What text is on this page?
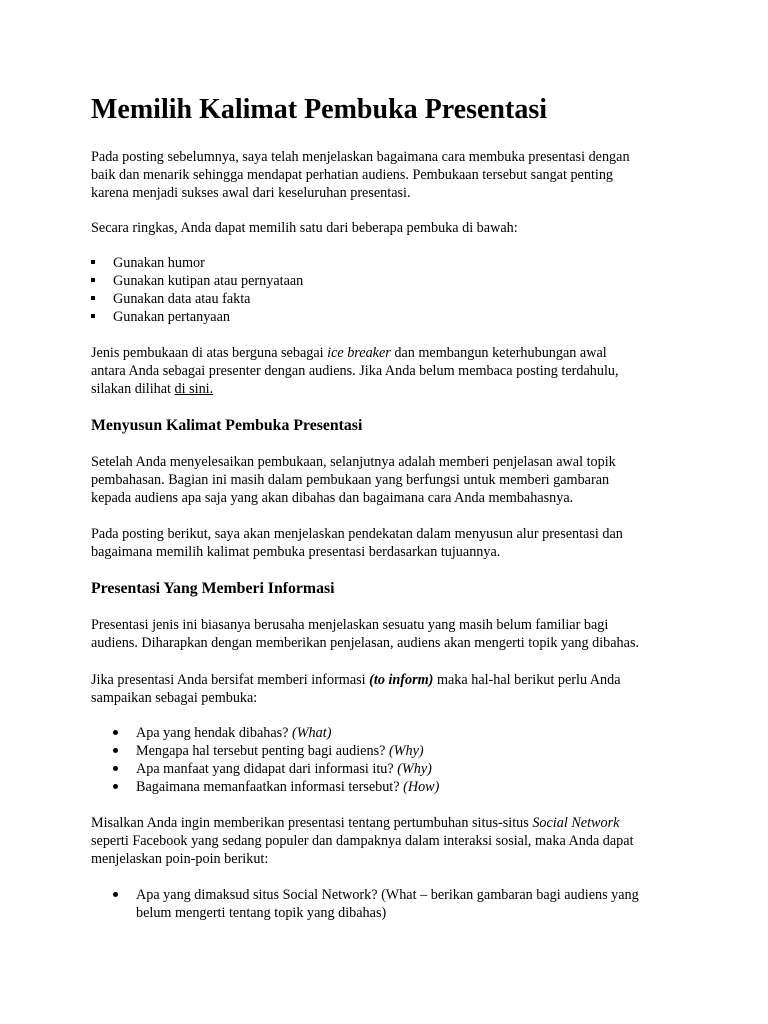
Memilih Kalimat Pembuka Presentasi

Pada posting sebelumnya, saya telah menjelaskan bagaimana cara membuka presentasi dengan
baik dan menarik sehingga mendapat perhatian audiens. Pembukaan tersebut sangat penting
karena menjadi sukses awal dari keseluruhan presentasi.

Secara ringkas, Anda dapat memilih satu dari beberapa pembuka di bawah:

Gunakan humor
Gunakan kutipan atau pernyataan
Gunakan data atau fakta
Gunakan pertanyaan

Jenis pembukaan di atas berguna sebagai ice breaker dan membangun keterhubungan awal
antara Anda sebagai presenter dengan audiens. Jika Anda belum membaca posting terdahulu,
silakan dilihat di sini.

Menyusun Kalimat Pembuka Presentasi

Setelah Anda menyelesaikan pembukaan, selanjutnya adalah memberi penjelasan awal topik
pembahasan. Bagian ini masih dalam pembukaan yang berfungsi untuk memberi gambaran
kepada audiens apa saja yang akan dibahas dan bagaimana cara Anda membahasnya.

Pada posting berikut, saya akan menjelaskan pendekatan dalam menyusun alur presentasi dan
bagaimana memilih kalimat pembuka presentasi berdasarkan tujuannya.

Presentasi Yang Memberi Informasi

Presentasi jenis ini biasanya berusaha menjelaskan sesuatu yang masih belum familiar bagi
audiens. Diharapkan dengan memberikan penjelasan, audiens akan mengerti topik yang dibahas.

Jika presentasi Anda bersifat memberi informasi (to inform) maka hal-hal berikut perlu Anda
sampaikan sebagai pembuka:

Apa yang hendak dibahas? (What)
Mengapa hal tersebut penting bagi audiens? (Why)
Apa manfaat yang didapat dari informasi itu? (Why)
Bagaimana memanfaatkan informasi tersebut? (How)

Misalkan Anda ingin memberikan presentasi tentang pertumbuhan situs-situs Social Network
seperti Facebook yang sedang populer dan dampaknya dalam interaksi sosial, maka Anda dapat
menjelaskan poin-poin berikut:

Apa yang dimaksud situs Social Network? (What – berikan gambaran bagi audiens yang
belum mengerti tentang topik yang dibahas)
